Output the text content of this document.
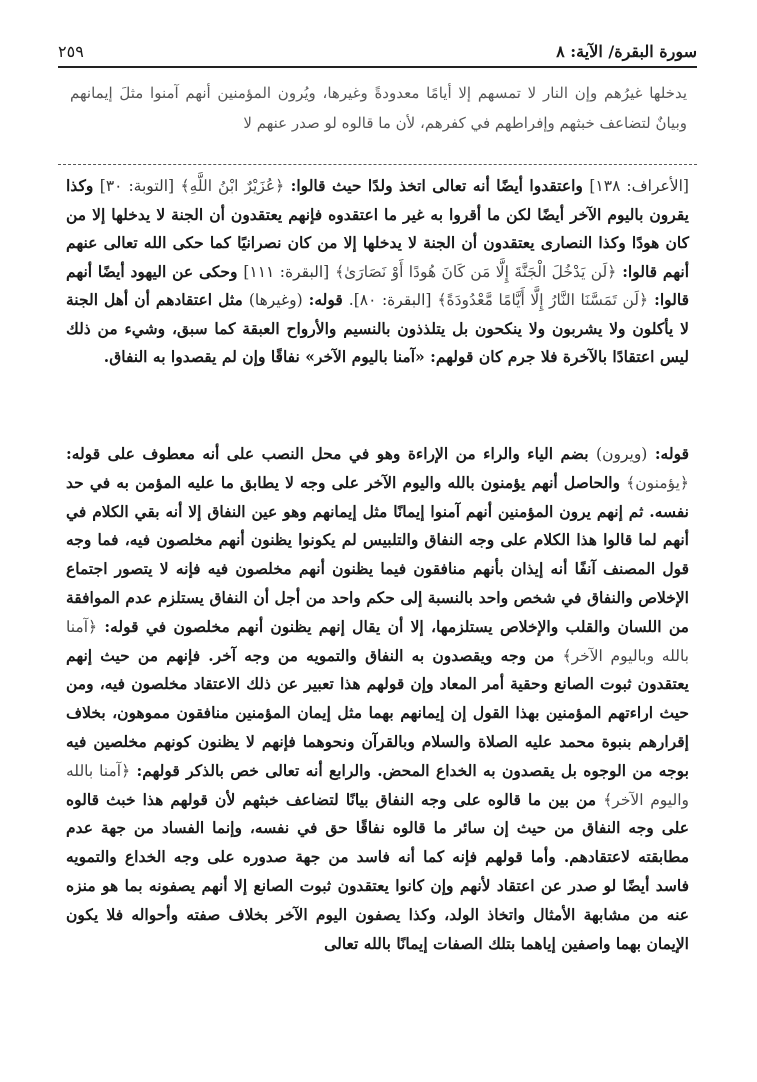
سورة البقرة/ الآية: ٨
٢٥٩

يدخلها غيرُهم وإن النار لا تمسهم إلا أيامًا معدودةً وغيرها، ويُرون المؤمنين أنهم آمنوا مثلَ إيمانهم وبيانٌ لتضاعف خبثهم وإفراطهم في كفرهم، لأن ما قالوه لو صدر عنهم لا

[الأعراف: ١٣٨] واعتقدوا أيضًا أنه تعالى اتخذ ولدًا حيث قالوا: ﴿عُزَيْرٌ ابْنُ اللَّهِ﴾ [التوبة: ٣٠] وكذا يقرون باليوم الآخر أيضًا لكن ما أقروا به غير ما اعتقدوه فإنهم يعتقدون أن الجنة لا يدخلها إلا من كان هودًا وكذا النصارى يعتقدون أن الجنة لا يدخلها إلا من كان نصرانيًا كما حكى الله تعالى عنهم أنهم قالوا: ﴿لَن يَدْخُلَ الْجَنَّةَ إِلَّا مَن كَانَ هُودًا أَوْ نَصَارَىٰ﴾ [البقرة: ١١١] وحكى عن اليهود أيضًا أنهم قالوا: ﴿لَن تَمَسَّنَا النَّارُ إِلَّا أَيَّامًا مَّعْدُودَةً﴾ [البقرة: ٨٠]. قوله: (وغيرها) مثل اعتقادهم أن أهل الجنة لا يأكلون ولا يشربون ولا ينكحون بل يتلذذون بالنسيم والأرواح العبقة كما سبق، وشيء من ذلك ليس اعتقادًا بالآخرة فلا جرم كان قولهم: «آمنا باليوم الآخر» نفاقًا وإن لم يقصدوا به النفاق.

قوله: (ويرون) بضم الياء والراء من الإراءة وهو في محل النصب على أنه معطوف على قوله: ﴿يؤمنون﴾ والحاصل أنهم يؤمنون بالله واليوم الآخر على وجه لا يطابق ما عليه المؤمن به في حد نفسه. ثم إنهم يرون المؤمنين أنهم آمنوا إيمانًا مثل إيمانهم وهو عين النفاق إلا أنه بقي الكلام في أنهم لما قالوا هذا الكلام على وجه النفاق والتلبيس لم يكونوا يظنون أنهم مخلصون فيه، فما وجه قول المصنف آنفًا أنه إيذان بأنهم منافقون فيما يظنون أنهم مخلصون فيه فإنه لا يتصور اجتماع الإخلاص والنفاق في شخص واحد بالنسبة إلى حكم واحد من أجل أن النفاق يستلزم عدم الموافقة من اللسان والقلب والإخلاص يستلزمها، إلا أن يقال إنهم يظنون أنهم مخلصون في قوله: ﴿آمنا بالله وباليوم الآخر﴾ من وجه ويقصدون به النفاق والتمويه من وجه آخر. فإنهم من حيث إنهم يعتقدون ثبوت الصانع وحقية أمر المعاد وإن قولهم هذا تعبير عن ذلك الاعتقاد مخلصون فيه، ومن حيث اراءتهم المؤمنين بهذا القول إن إيمانهم بهما مثل إيمان المؤمنين منافقون مموهون، بخلاف إقرارهم بنبوة محمد عليه الصلاة والسلام وبالقرآن ونحوهما فإنهم لا يظنون كونهم مخلصين فيه بوجه من الوجوه بل يقصدون به الخداع المحض. والرابع أنه تعالى خص بالذكر قولهم: ﴿آمنا بالله واليوم الآخر﴾ من بين ما قالوه على وجه النفاق بيانًا لتضاعف خبثهم لأن قولهم هذا خبث قالوه على وجه النفاق من حيث إن سائر ما قالوه نفاقًا حق في نفسه، وإنما الفساد من جهة عدم مطابقته لاعتقادهم. وأما قولهم فإنه كما أنه فاسد من جهة صدوره على وجه الخداع والتمويه فاسد أيضًا لو صدر عن اعتقاد لأنهم وإن كانوا يعتقدون ثبوت الصانع إلا أنهم يصفونه بما هو منزه عنه من مشابهة الأمثال واتخاذ الولد، وكذا يصفون اليوم الآخر بخلاف صفته وأحواله فلا يكون الإيمان بهما واصفين إياهما بتلك الصفات إيمانًا بالله تعالى
